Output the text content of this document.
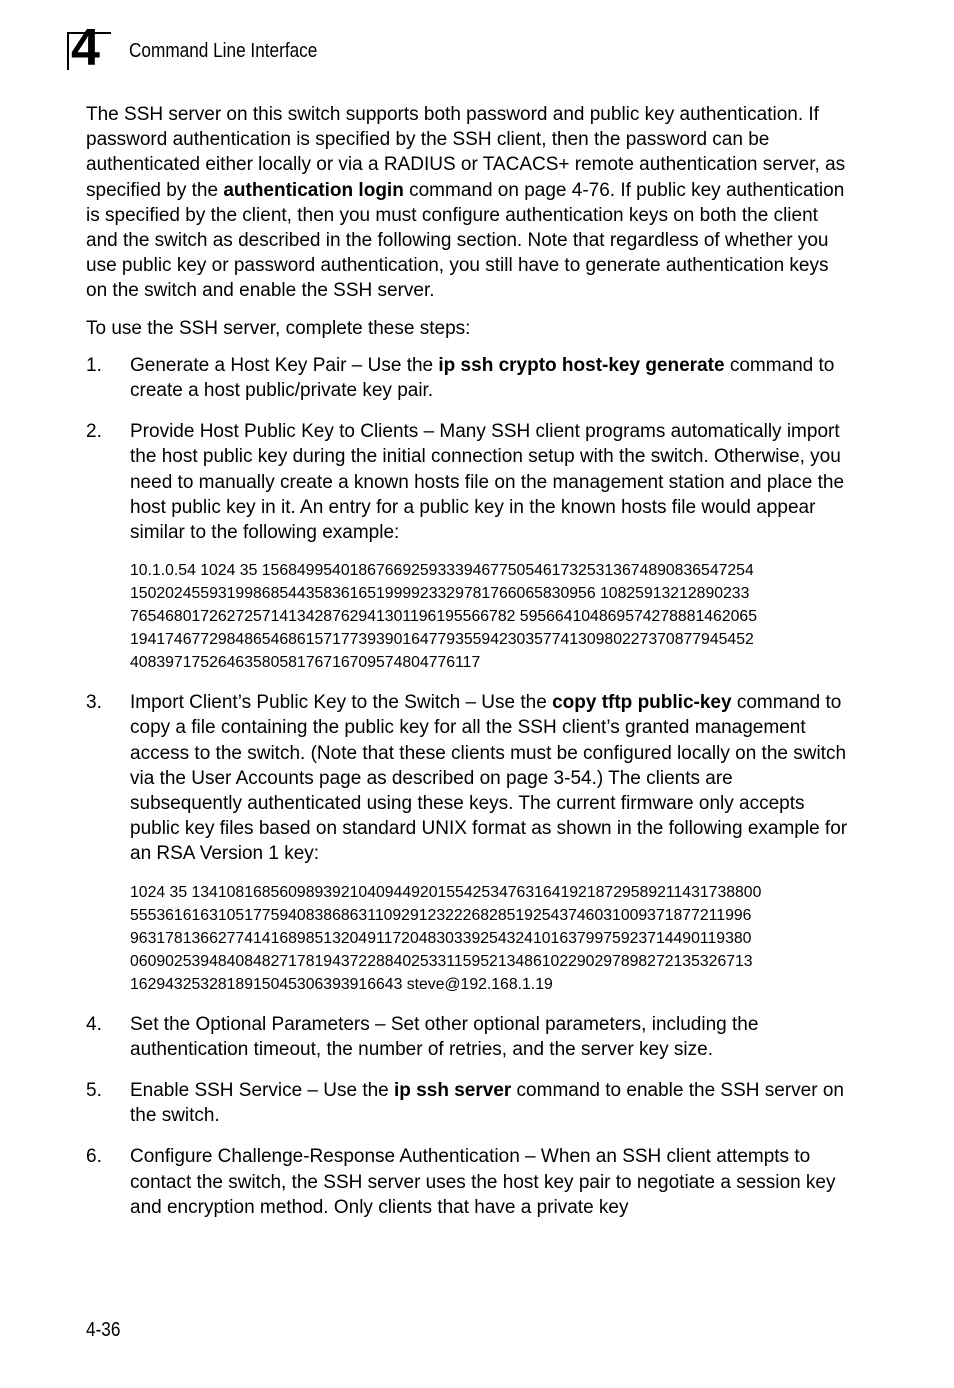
4 Command Line Interface

The SSH server on this switch supports both password and public key authentication. If password authentication is specified by the SSH client, then the password can be authenticated either locally or via a RADIUS or TACACS+ remote authentication server, as specified by the authentication login command on page 4-76. If public key authentication is specified by the client, then you must configure authentication keys on both the client and the switch as described in the following section. Note that regardless of whether you use public key or password authentication, you still have to generate authentication keys on the switch and enable the SSH server.

To use the SSH server, complete these steps:

1. Generate a Host Key Pair – Use the ip ssh crypto host-key generate command to create a host public/private key pair.
2. Provide Host Public Key to Clients – Many SSH client programs automatically import the host public key during the initial connection setup with the switch. Otherwise, you need to manually create a known hosts file on the management station and place the host public key in it. An entry for a public key in the known hosts file would appear similar to the following example:
10.1.0.54 1024 35 15684995401867669259333946775054617325313674890836547254
15020245593199868544358361651999923329781766065830956 10825913212890233
76546801726272571413428762941301196195566782 595664104869574278881462065
19417467729848654686157177393901647793559423035774130980227370877945452
408397175264635805817671670957480477611​7
3. Import Client’s Public Key to the Switch – Use the copy tftp public-key command to copy a file containing the public key for all the SSH client’s granted management access to the switch. (Note that these clients must be configured locally on the switch via the User Accounts page as described on page 3-54.) The clients are subsequently authenticated using these keys. The current firmware only accepts public key files based on standard UNIX format as shown in the following example for an RSA Version 1 key:
1024 35 13410816856098939210409449201554253476316419218729589211431738800
55536161631051775940838686311092912322268285192543746031009371877211996
96317813662774141689851320491172048303392543241016379975923714490119380
06090253948408482717819437228840253311595213486102290297898272135326713
16294325328189150453063939166​43 steve@192.168.1.19
4. Set the Optional Parameters – Set other optional parameters, including the authentication timeout, the number of retries, and the server key size.
5. Enable SSH Service – Use the ip ssh server command to enable the SSH server on the switch.
6. Configure Challenge-Response Authentication – When an SSH client attempts to contact the switch, the SSH server uses the host key pair to negotiate a session key and encryption method. Only clients that have a private key
4-36
